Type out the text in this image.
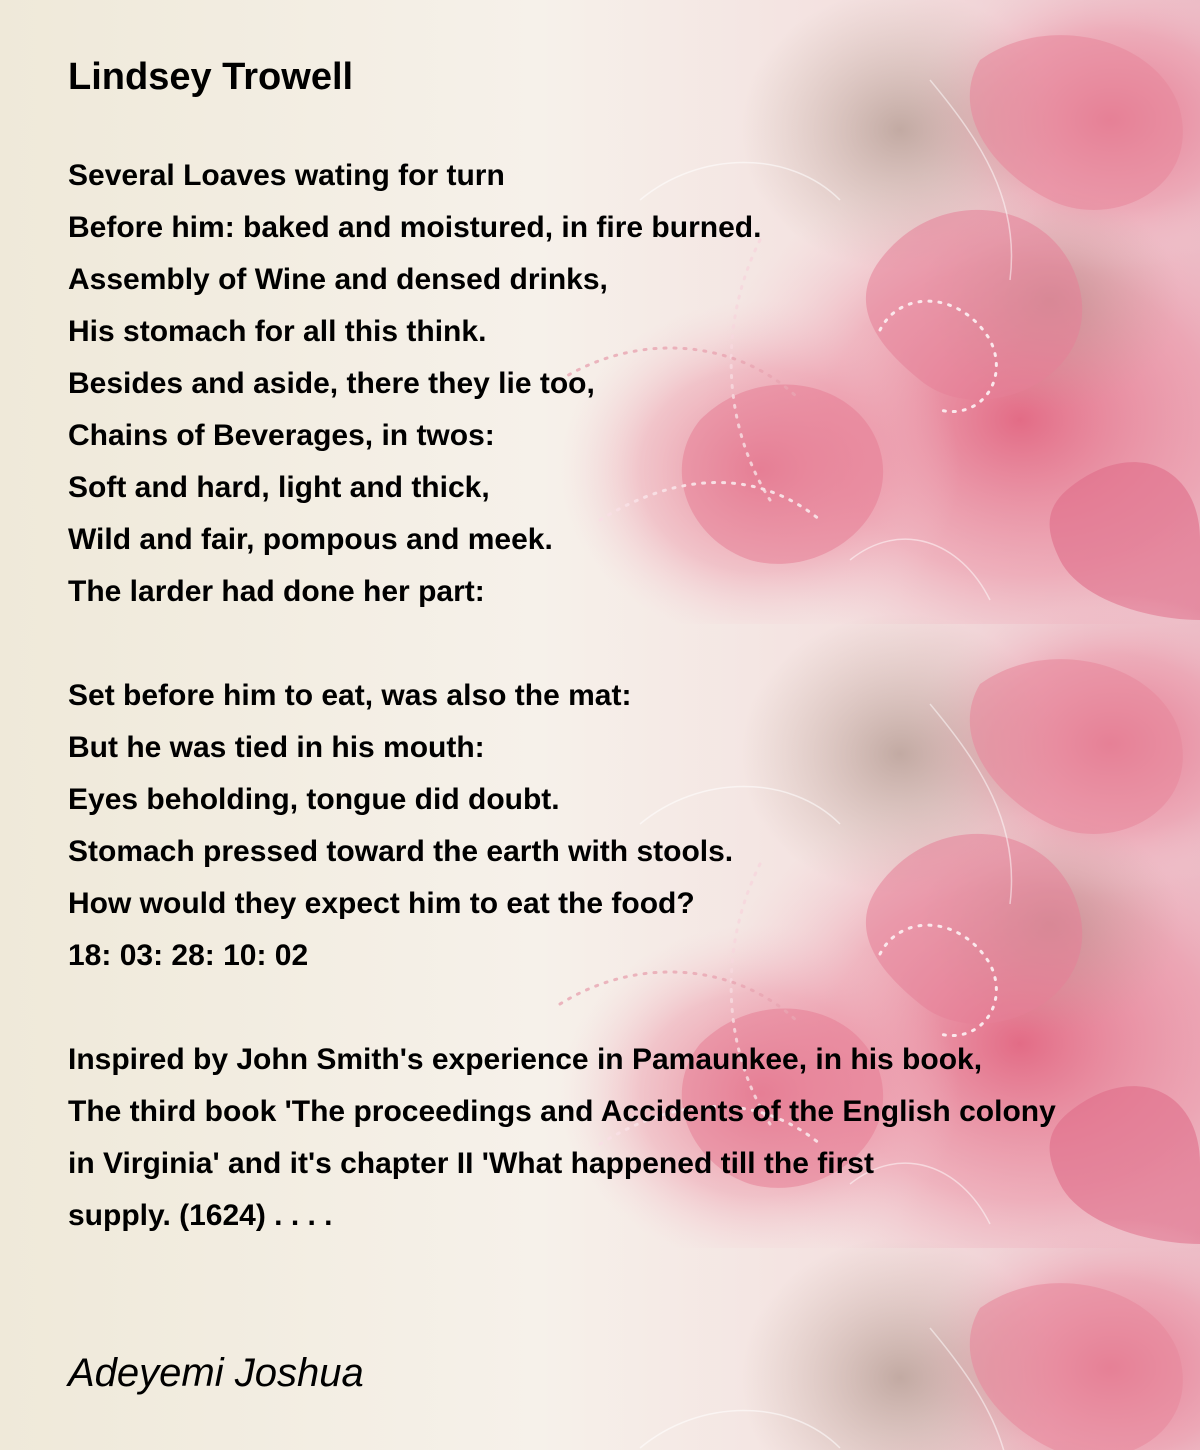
Lindsey Trowell
Several Loaves wating for turn
Before him: baked and moistured, in fire burned.
Assembly of Wine and densed drinks,
His stomach for all this think.
Besides and aside, there they lie too,
Chains of Beverages, in twos:
Soft and hard, light and thick,
Wild and fair, pompous and meek.
The larder had done her part:
Set before him to eat, was also the mat:
But he was tied in his mouth:
Eyes beholding, tongue did doubt.
Stomach pressed toward the earth with stools.
How would they expect him to eat the food?
18: 03: 28: 10: 02
Inspired by John Smith's experience in Pamaunkee, in his book,
The third book 'The proceedings and Accidents of the English colony
in Virginia' and it's chapter II 'What happened till the first
supply. (1624) . . . .

Adeyemi Joshua
